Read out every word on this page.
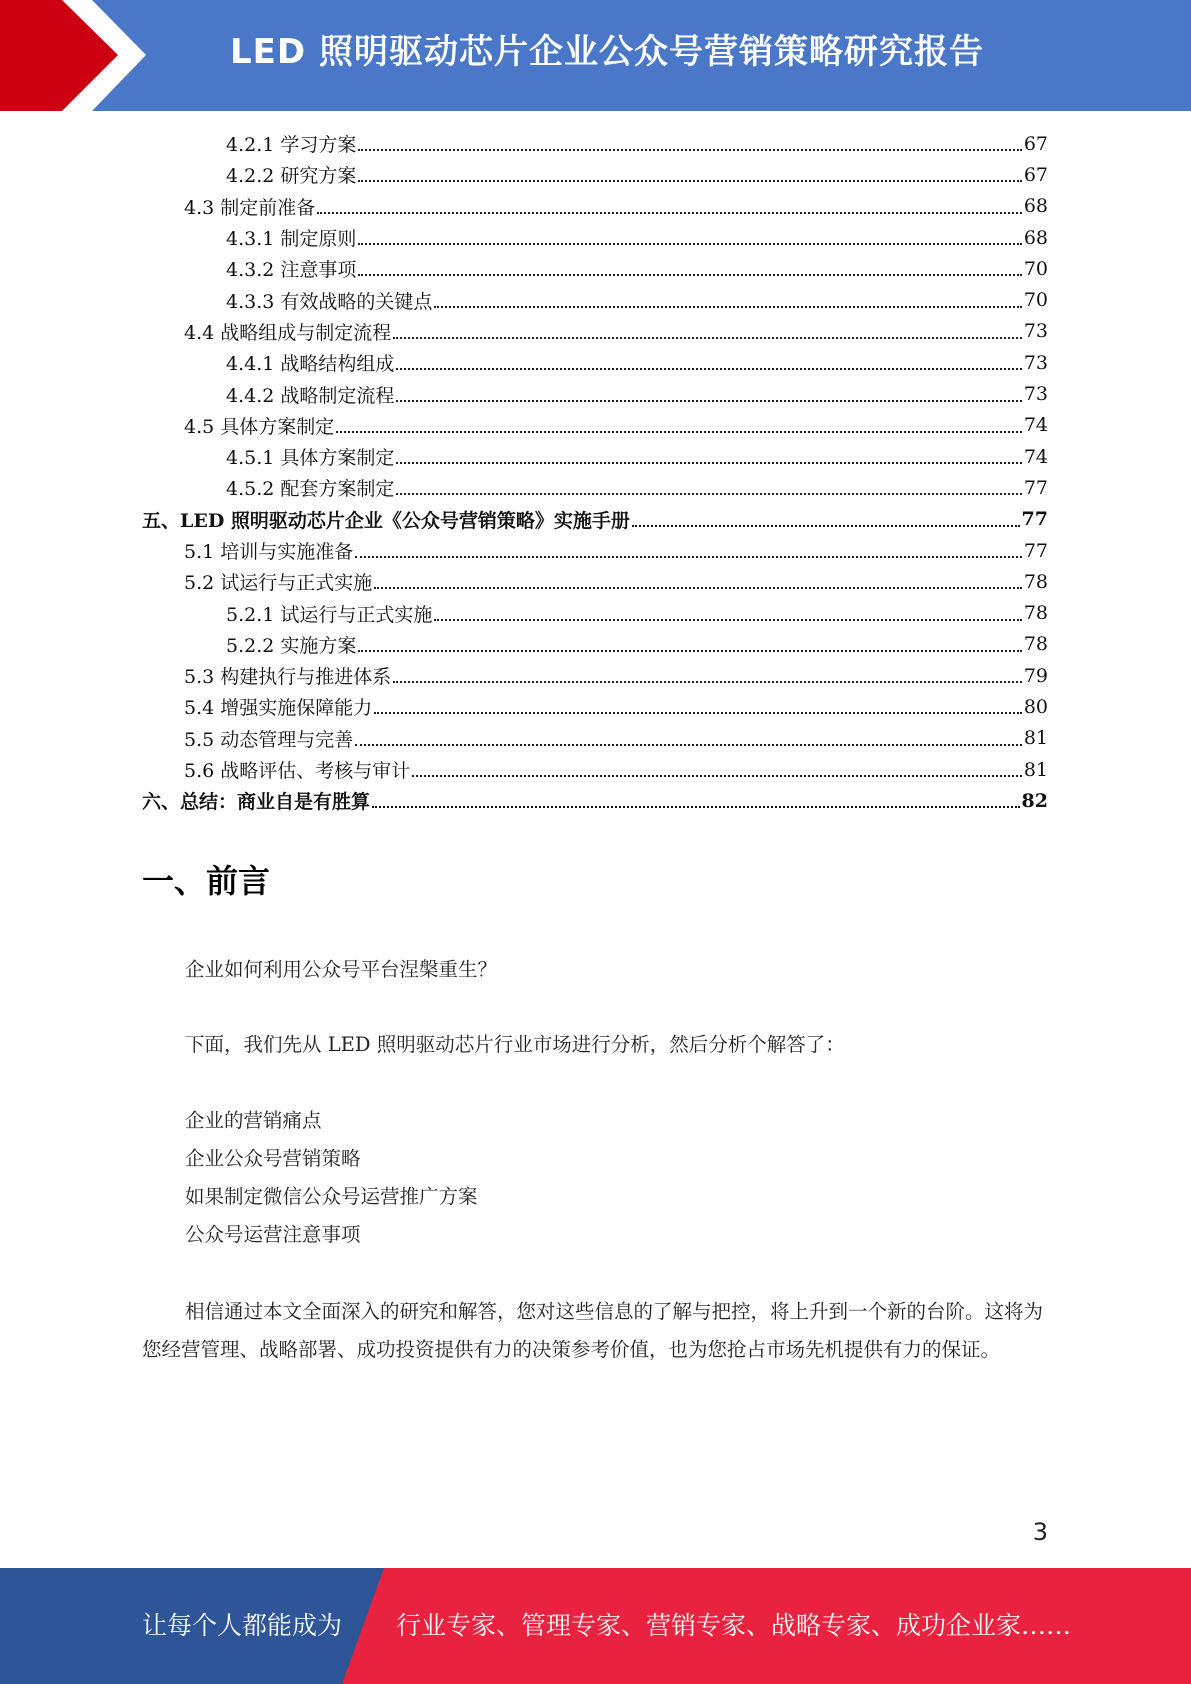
LED 照明驱动芯片企业公众号营销策略研究报告
4.2.1 学习方案	67
4.2.2 研究方案	67
4.3 制定前准备	68
4.3.1 制定原则	68
4.3.2 注意事项	70
4.3.3 有效战略的关键点	70
4.4 战略组成与制定流程	73
4.4.1 战略结构组成	73
4.4.2 战略制定流程	73
4.5 具体方案制定	74
4.5.1 具体方案制定	74
4.5.2 配套方案制定	77
五、LED 照明驱动芯片企业《公众号营销策略》实施手册	77
5.1 培训与实施准备	77
5.2 试运行与正式实施	78
5.2.1 试运行与正式实施	78
5.2.2 实施方案	78
5.3 构建执行与推进体系	79
5.4 增强实施保障能力	80
5.5 动态管理与完善	81
5.6 战略评估、考核与审计	81
六、总结：商业自是有胜算	82
一、前言
企业如何利用公众号平台涅槃重生？
下面，我们先从 LED 照明驱动芯片行业市场进行分析，然后分析个解答了：
企业的营销痛点
企业公众号营销策略
如果制定微信公众号运营推广方案
公众号运营注意事项
相信通过本文全面深入的研究和解答，您对这些信息的了解与把控，将上升到一个新的台阶。这将为您经营管理、战略部署、成功投资提供有力的决策参考价值，也为您抢占市场先机提供有力的保证。
3
让每个人都能成为 行业专家、管理专家、营销专家、战略专家、成功企业家……
